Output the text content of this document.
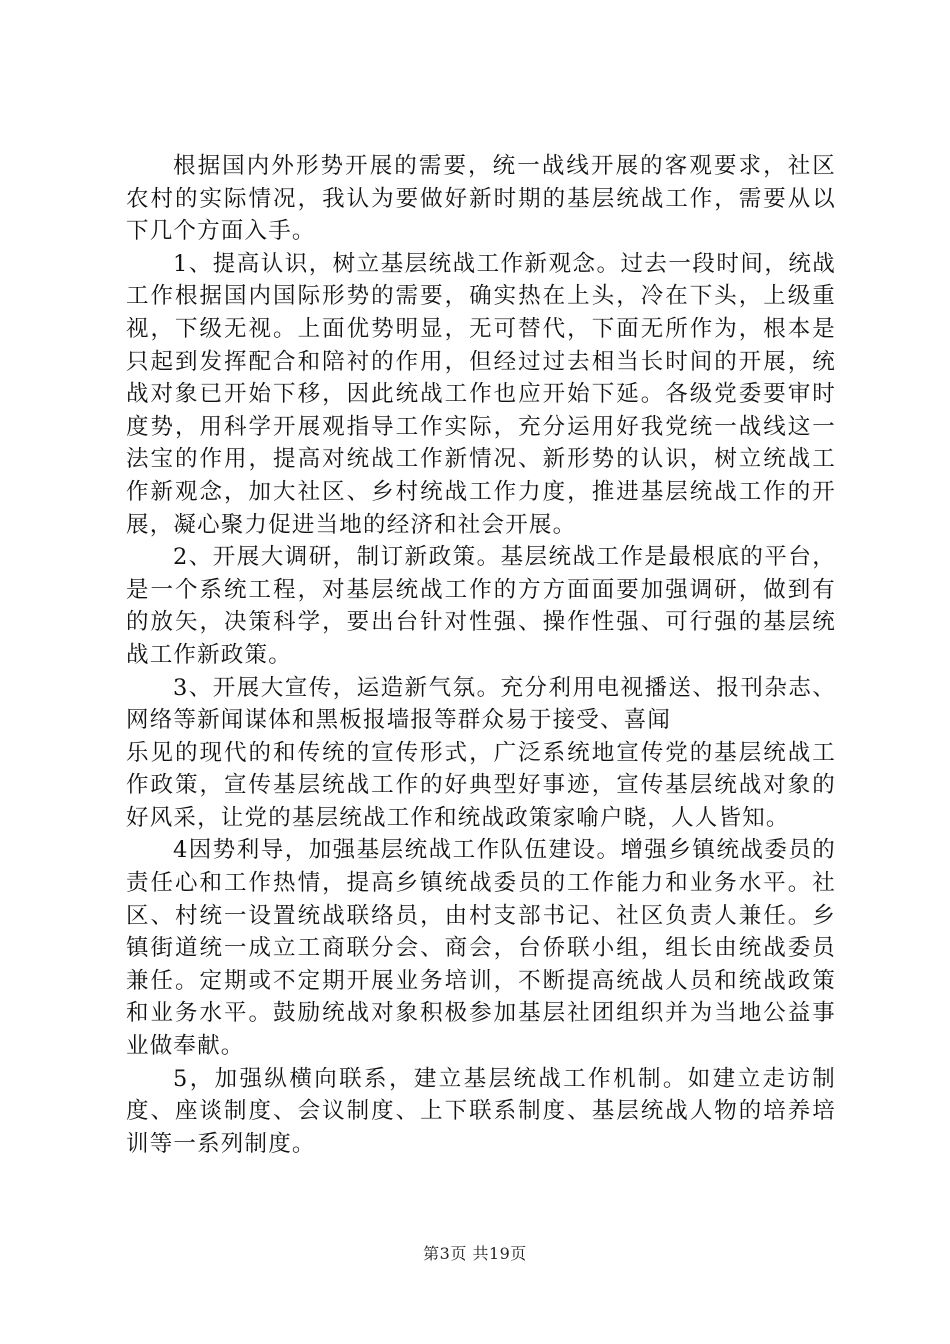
根据国内外形势开展的需要，统一战线开展的客观要求，社区农村的实际情况，我认为要做好新时期的基层统战工作，需要从以下几个方面入手。

1、提高认识，树立基层统战工作新观念。过去一段时间，统战工作根据国内国际形势的需要，确实热在上头，冷在下头，上级重视，下级无视。上面优势明显，无可替代，下面无所作为，根本是只起到发挥配合和陪衬的作用，但经过过去相当长时间的开展，统战对象已开始下移，因此统战工作也应开始下延。各级党委要审时度势，用科学开展观指导工作实际，充分运用好我党统一战线这一法宝的作用，提高对统战工作新情况、新形势的认识，树立统战工作新观念，加大社区、乡村统战工作力度，推进基层统战工作的开展，凝心聚力促进当地的经济和社会开展。

2、开展大调研，制订新政策。基层统战工作是最根底的平台，是一个系统工程，对基层统战工作的方方面面要加强调研，做到有的放矢，决策科学，要出台针对性强、操作性强、可行强的基层统战工作新政策。

3、开展大宣传，运造新气氛。充分利用电视播送、报刊杂志、网络等新闻谋体和黑板报墙报等群众易于接受、喜闻

乐见的现代的和传统的宣传形式，广泛系统地宣传党的基层统战工作政策，宣传基层统战工作的好典型好事迹，宣传基层统战对象的好风采，让党的基层统战工作和统战政策家喻户晓，人人皆知。

4因势利导，加强基层统战工作队伍建设。增强乡镇统战委员的责任心和工作热情，提高乡镇统战委员的工作能力和业务水平。社区、村统一设置统战联络员，由村支部书记、社区负责人兼任。乡镇街道统一成立工商联分会、商会，台侨联小组，组长由统战委员兼任。定期或不定期开展业务培训，不断提高统战人员和统战政策和业务水平。鼓励统战对象积极参加基层社团组织并为当地公益事业做奉献。

5，加强纵横向联系，建立基层统战工作机制。如建立走访制度、座谈制度、会议制度、上下联系制度、基层统战人物的培养培训等一系列制度。

第3页 共19页
